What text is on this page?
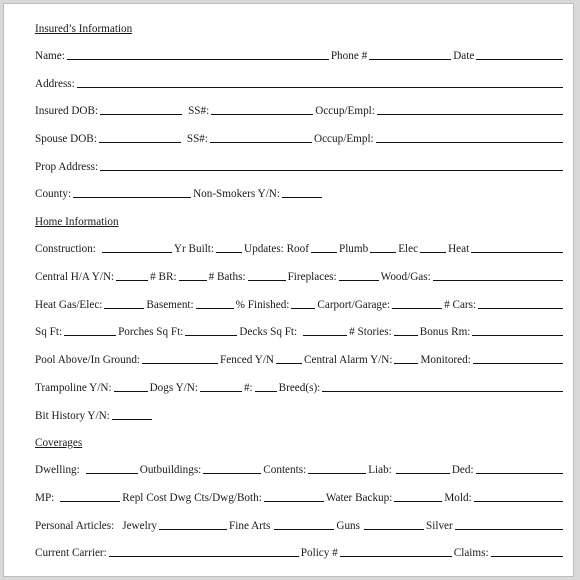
Insured’s Information
Name:	Phone #	Date
Address:
Insured DOB:	SS#:	Occup/Empl:
Spouse DOB:	SS#:	Occup/Empl:
Prop Address:
County:	Non-Smokers Y/N:
Home Information
Construction:	Yr Built:	Updates: Roof	Plumb	Elec	Heat
Central H/A Y/N:	# BR:	# Baths:	Fireplaces:	Wood/Gas:
Heat Gas/Elec:	Basement:	% Finished:	Carport/Garage:	# Cars:
Sq Ft:	Porches Sq Ft:	Decks Sq Ft:	# Stories:	Bonus Rm:
Pool Above/In Ground:	Fenced Y/N	Central Alarm Y/N:	Monitored:
Trampoline Y/N:	Dogs Y/N:	#: Breed(s):
Bit History Y/N:
Coverages
Dwelling:	Outbuildings:	Contents:	Liab:	Ded:
MP:	Repl Cost Dwg Cts/Dwg/Both:	Water Backup:	Mold:
Personal Articles: Jewelry	Fine Arts	Guns	Silver
Current Carrier:	Policy #	Claims:
